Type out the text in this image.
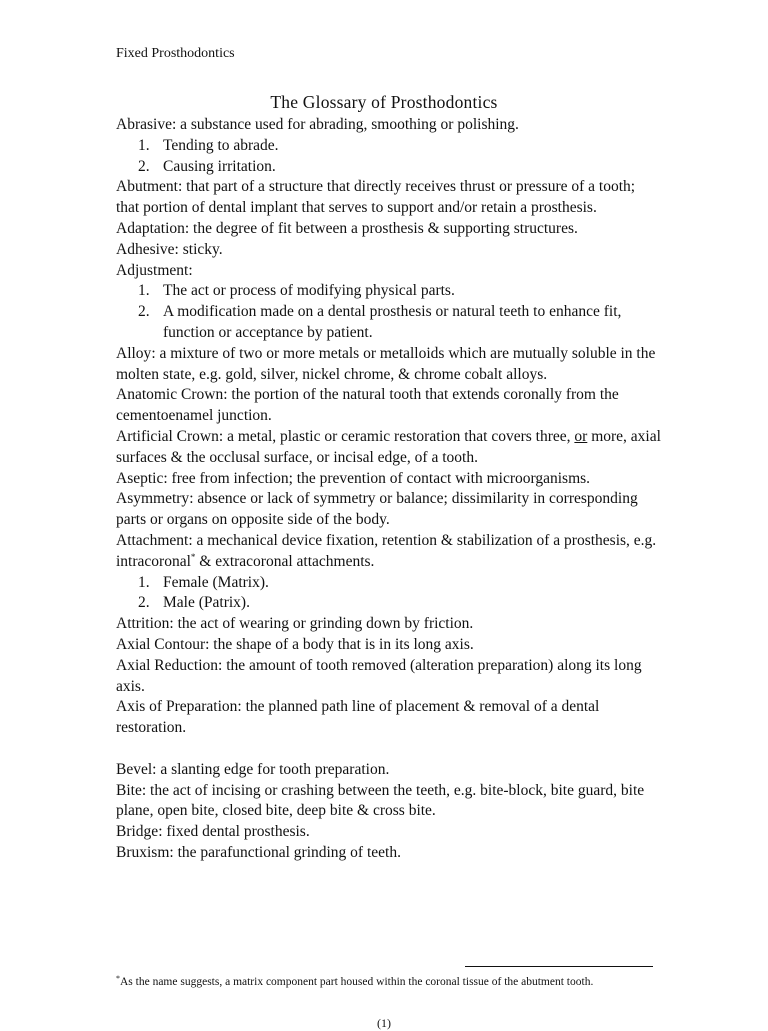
Fixed Prosthodontics
The Glossary of Prosthodontics

Abrasive: a substance used for abrading, smoothing or polishing.

1. Tending to abrade.
2. Causing irritation.

Abutment: that part of a structure that directly receives thrust or pressure of a tooth; that portion of dental implant that serves to support and/or retain a prosthesis.

Adaptation: the degree of fit between a prosthesis & supporting structures.

Adhesive: sticky.

Adjustment:

1. The act or process of modifying physical parts.
2. A modification made on a dental prosthesis or natural teeth to enhance fit, function or acceptance by patient.

Alloy: a mixture of two or more metals or metalloids which are mutually soluble in the molten state, e.g. gold, silver, nickel chrome, & chrome cobalt alloys.

Anatomic Crown: the portion of the natural tooth that extends coronally from the cementoenamel junction.

Artificial Crown: a metal, plastic or ceramic restoration that covers three, or more, axial surfaces & the occlusal surface, or incisal edge, of a tooth.

Aseptic: free from infection; the prevention of contact with microorganisms.

Asymmetry: absence or lack of symmetry or balance; dissimilarity in corresponding parts or organs on opposite side of the body.

Attachment: a mechanical device fixation, retention & stabilization of a prosthesis, e.g. intracoronal* & extracoronal attachments.

1. Female (Matrix).
2. Male (Patrix).

Attrition: the act of wearing or grinding down by friction.

Axial Contour: the shape of a body that is in its long axis.

Axial Reduction: the amount of tooth removed (alteration preparation) along its long axis.

Axis of Preparation: the planned path line of placement & removal of a dental restoration.

Bevel: a slanting edge for tooth preparation.

Bite: the act of incising or crashing between the teeth, e.g. bite-block, bite guard, bite plane, open bite, closed bite, deep bite & cross bite.

Bridge: fixed dental prosthesis.

Bruxism: the parafunctional grinding of teeth.

*As the name suggests, a matrix component part housed within the coronal tissue of the abutment tooth.
(1)
